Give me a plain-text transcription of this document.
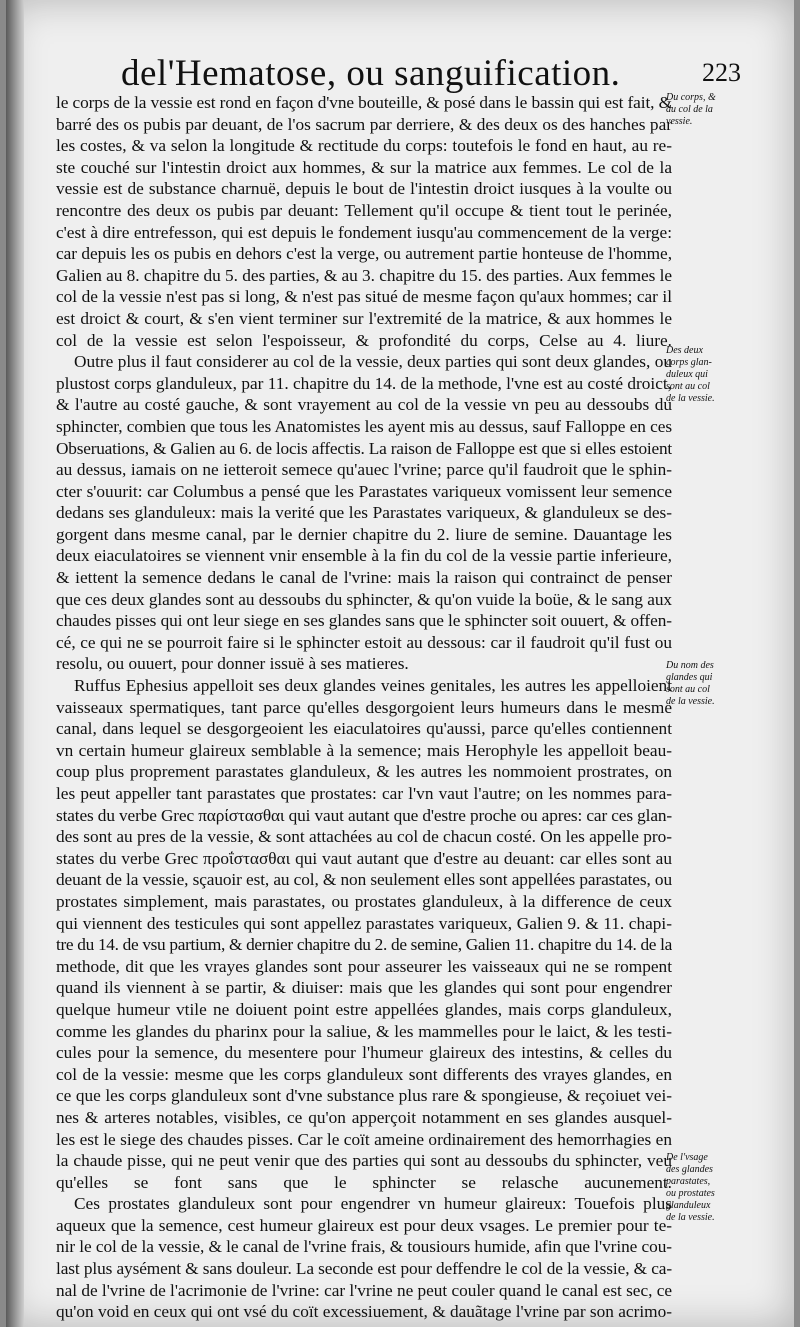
del'Hematose, ou sanguification.	223
le corps de la vessie est rond en façon d'vne bouteille, & posé dans le bassin qui est fait, &
barré des os pubis par deuant, de l'os sacrum par derriere, & des deux os des hanches par
les costes, & va selon la longitude & rectitude du corps: toutefois le fond en haut, au re-
ste couché sur l'intestin droict aux hommes, & sur la matrice aux femmes. Le col de la
vessie est de substance charnuë, depuis le bout de l'intestin droict iusques à la voulte ou
rencontre des deux os pubis par deuant: Tellement qu'il occupe & tient tout le perinée,
c'est à dire entrefesson, qui est depuis le fondement iusqu'au commencement de la verge:
car depuis les os pubis en dehors c'est la verge, ou autrement partie honteuse de l'homme,
Galien au 8. chapitre du 5. des parties, & au 3. chapitre du 15. des parties. Aux femmes le
col de la vessie n'est pas si long, & n'est pas situé de mesme façon qu'aux hommes; car il
est droict & court, & s'en vient terminer sur l'extremité de la matrice, & aux hommes le
col de la vessie est selon l'espoisseur, & profondité du corps, Celse au 4. liure.
Outre plus il faut considerer au col de la vessie, deux parties qui sont deux glandes, ou
plustost corps glanduleux, par 11. chapitre du 14. de la methode, l'vne est au costé droict,
& l'autre au costé gauche, & sont vrayement au col de la vessie vn peu au dessoubs du
sphincter, combien que tous les Anatomistes les ayent mis au dessus, sauf Falloppe en ces
Obseruations, & Galien au 6. de locis affectis. La raison de Falloppe est que si elles estoient
au dessus, iamais on ne ietteroit semece qu'auec l'vrine; parce qu'il faudroit que le sphin-
cter s'ouurit: car Columbus a pensé que les Parastates variqueux vomissent leur semence
dedans ses glanduleux: mais la verité que les Parastates variqueux, & glanduleux se des-
gorgent dans mesme canal, par le dernier chapitre du 2. liure de semine. Dauantage les
deux eiaculatoires se viennent vnir ensemble à la fin du col de la vessie partie inferieure,
& iettent la semence dedans le canal de l'vrine: mais la raison qui contrainct de penser
que ces deux glandes sont au dessoubs du sphincter, & qu'on vuide la boüe, & le sang aux
chaudes pisses qui ont leur siege en ses glandes sans que le sphincter soit ouuert, & offen-
cé, ce qui ne se pourroit faire si le sphincter estoit au dessous: car il faudroit qu'il fust ou
resolu, ou ouuert, pour donner issuë à ses matieres.
Ruffus Ephesius appelloit ses deux glandes veines genitales, les autres les appelloient
vaisseaux spermatiques, tant parce qu'elles desgorgoient leurs humeurs dans le mesme
canal, dans lequel se desgorgeoient les eiaculatoires qu'aussi, parce qu'elles contiennent
vn certain humeur glaireux semblable à la semence; mais Herophyle les appelloit beau-
coup plus proprement parastates glanduleux, & les autres les nommoient prostrates, on
les peut appeller tant parastates que prostates: car l'vn vaut l'autre; on les nommes para-
states du verbe Grec παρίστασθαι qui vaut autant que d'estre proche ou apres: car ces glan-
des sont au pres de la vessie, & sont attachées au col de chacun costé. On les appelle pro-
states du verbe Grec προΐστασθαι qui vaut autant que d'estre au deuant: car elles sont au
deuant de la vessie, sçauoir est, au col, & non seulement elles sont appellées parastates, ou
prostates simplement, mais parastates, ou prostates glanduleux, à la difference de ceux
qui viennent des testicules qui sont appellez parastates variqueux, Galien 9. & 11. chapi-
tre du 14. de vsu partium, & dernier chapitre du 2. de semine, Galien 11. chapitre du 14. de la
methode, dit que les vrayes glandes sont pour asseurer les vaisseaux qui ne se rompent
quand ils viennent à se partir, & diuiser: mais que les glandes qui sont pour engendrer
quelque humeur vtile ne doiuent point estre appellées glandes, mais corps glanduleux,
comme les glandes du pharinx pour la saliue, & les mammelles pour le laict, & les testi-
cules pour la semence, du mesentere pour l'humeur glaireux des intestins, & celles du
col de la vessie: mesme que les corps glanduleux sont differents des vrayes glandes, en
ce que les corps glanduleux sont d'vne substance plus rare & spongieuse, & reçoiuet vei-
nes & arteres notables, visibles, ce qu'on apperçoit notamment en ses glandes ausquel-
les est le siege des chaudes pisses. Car le coït ameine ordinairement des hemorrhagies en
la chaude pisse, qui ne peut venir que des parties qui sont au dessoubs du sphincter, veu
qu'elles se font sans que le sphincter se relasche aucunement.
Ces prostates glanduleux sont pour engendrer vn humeur glaireux: Touefois plus
aqueux que la semence, cest humeur glaireux est pour deux vsages. Le premier pour te-
nir le col de la vessie, & le canal de l'vrine frais, & tousiours humide, afin que l'vrine cou-
last plus aysément & sans douleur. La seconde est pour deffendre le col de la vessie, & ca-
nal de l'vrine de l'acrimonie de l'vrine: car l'vrine ne peut couler quand le canal est sec, ce
qu'on void en ceux qui ont vsé du coït excessiuement, & dauãtage l'vrine par son acrimo-
Du corps, &
du col de la
vessie.
Des deux
corps glan-
duleux qui
sont au col
de la vessie.
Du nom des
glandes qui
sont au col
de la vessie.
De l'vsage
des glandes
parastates,
ou prostates
glanduleux
de la vessie.
